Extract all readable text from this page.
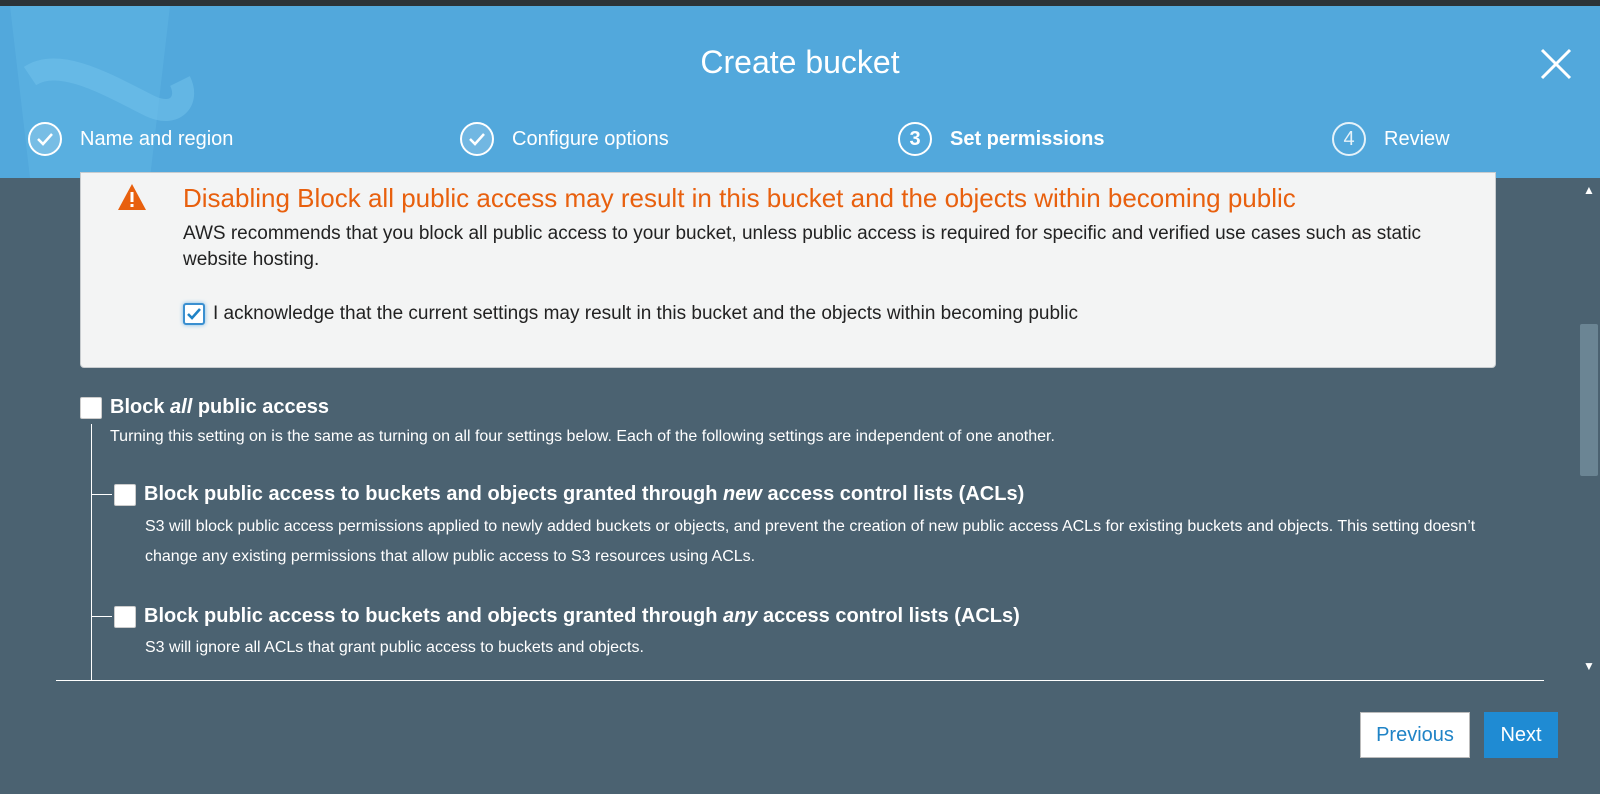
Create bucket
Name and region	Configure options	3	Set permissions	4	Review
Disabling Block all public access may result in this bucket and the objects within becoming public
AWS recommends that you block all public access to your bucket, unless public access is required for specific and verified use cases such as static website hosting.
I acknowledge that the current settings may result in this bucket and the objects within becoming public
Block all public access
Turning this setting on is the same as turning on all four settings below. Each of the following settings are independent of one another.
Block public access to buckets and objects granted through new access control lists (ACLs)
S3 will block public access permissions applied to newly added buckets or objects, and prevent the creation of new public access ACLs for existing buckets and objects. This setting doesn’t change any existing permissions that allow public access to S3 resources using ACLs.
Block public access to buckets and objects granted through any access control lists (ACLs)
S3 will ignore all ACLs that grant public access to buckets and objects.
▲
▼
Previous	Next
